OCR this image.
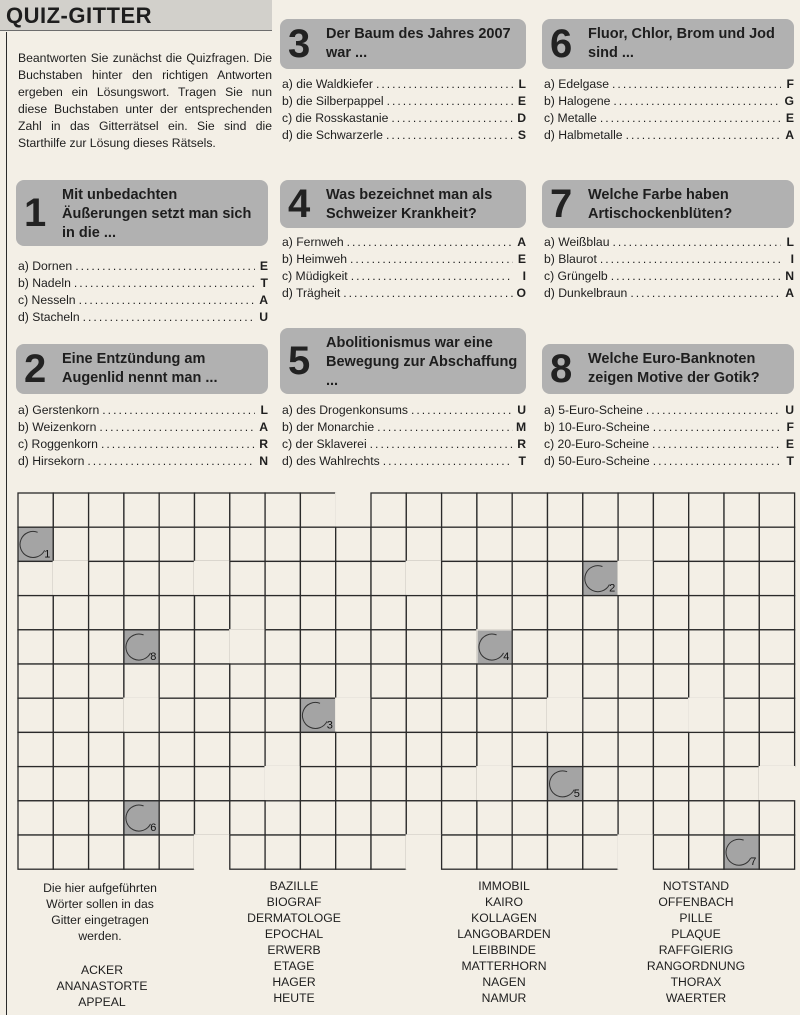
QUIZ-GITTER
Beantworten Sie zunächst die Quizfragen. Die Buchstaben hinter den richtigen Antworten ergeben ein Lösungswort. Tragen Sie nun diese Buchstaben unter der entsprechenden Zahl in das Gitterrätsel ein. Sie sind die Starthilfe zur Lösung dieses Rätsels.
1 Mit unbedachten Äußerungen setzt man sich in die ...
a) Dornen .....	E
b) Nadeln .....	T
c) Nesseln .....	A
d) Stacheln .....	U
2 Eine Entzündung am Augenlid nennt man ...
a) Gerstenkorn .....	L
b) Weizenkorn .....	A
c) Roggenkorn .....	R
d) Hirsekorn .....	N
3 Der Baum des Jahres 2007 war ...
a) die Waldkiefer .....	L
b) die Silberpappel .....	E
c) die Rosskastanie .....	D
d) die Schwarzerle .....	S
4 Was bezeichnet man als Schweizer Krankheit?
a) Fernweh .....	A
b) Heimweh .....	E
c) Müdigkeit .....	I
d) Trägheit .....	O
5 Abolitionismus war eine Bewegung zur Abschaffung ...
a) des Drogenkonsums .....	U
b) der Monarchie .....	M
c) der Sklaverei .....	R
d) des Wahlrechts .....	T
6 Fluor, Chlor, Brom und Jod sind ...
a) Edelgase .....	F
b) Halogene .....	G
c) Metalle .....	E
d) Halbmetalle .....	A
7 Welche Farbe haben Artischockenblüten?
a) Weißblau .....	L
b) Blaurot .....	I
c) Grüngelb .....	N
d) Dunkelbraun .....	A
8 Welche Euro-Banknoten zeigen Motive der Gotik?
a) 5-Euro-Scheine .....	U
b) 10-Euro-Scheine .....	F
c) 20-Euro-Scheine .....	E
d) 50-Euro-Scheine .....	T
1
2
8	4
3
5
6
7
Die hier aufgeführten
Wörter sollen in das
Gitter eingetragen
werden.
ACKER
ANANASTORTE
APPEAL
BAZILLE
BIOGRAF
DERMATOLOGE
EPOCHAL
ERWERB
ETAGE
HAGER
HEUTE
IMMOBIL
KAIRO
KOLLAGEN
LANGOBARDEN
LEIBBINDE
MATTERHORN
NAGEN
NAMUR
NOTSTAND
OFFENBACH
PILLE
PLAQUE
RAFFGIERIG
RANGORDNUNG
THORAX
WAERTER
